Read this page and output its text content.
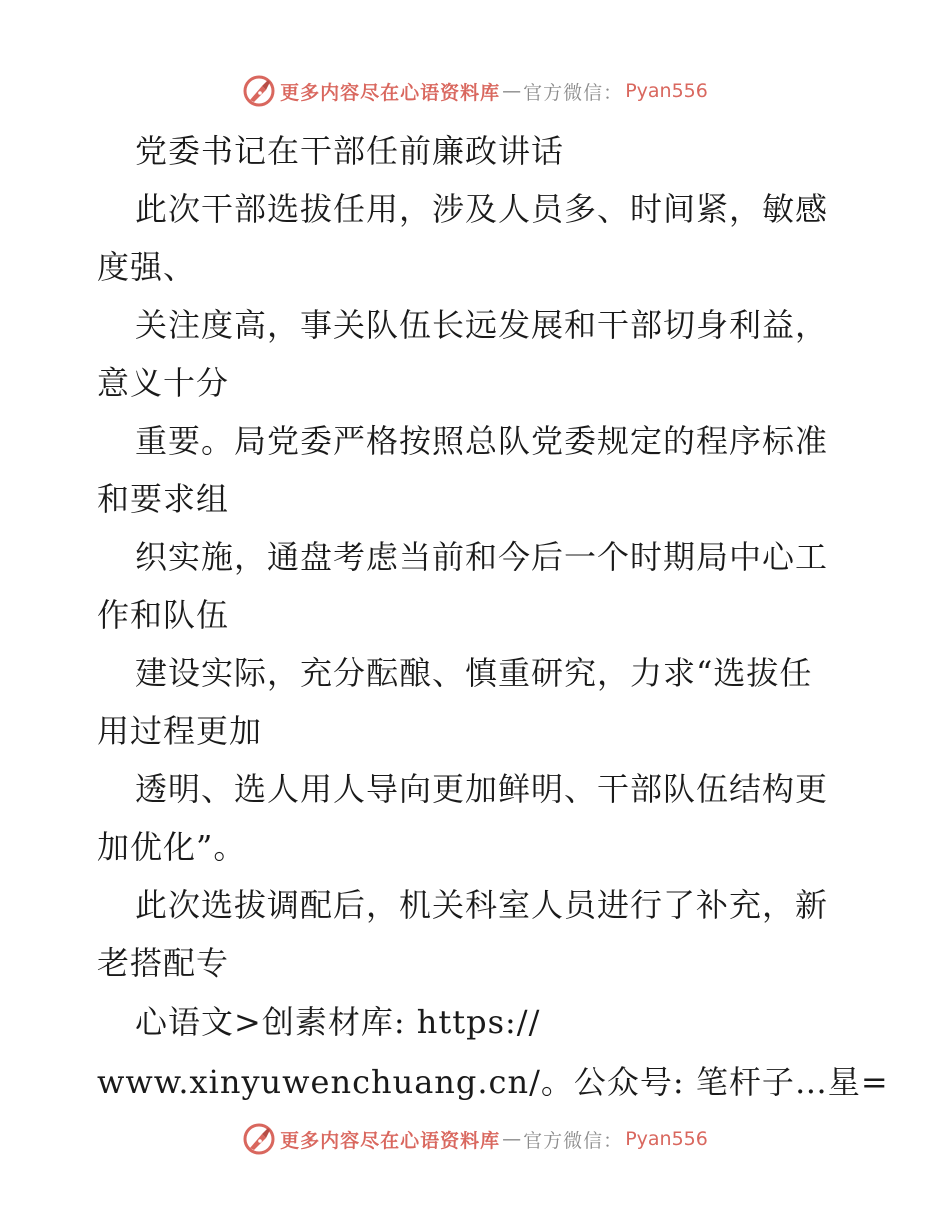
更多内容尽在心语资料库 — 官方微信： Pyan556
党委书记在干部任前廉政讲话
此次干部选拔任用，涉及人员多、时间紧，敏感
度强、
关注度高，事关队伍长远发展和干部切身利益，
意义十分
重要。局党委严格按照总队党委规定的程序标准
和要求组
织实施，通盘考虑当前和今后一个时期局中心工
作和队伍
建设实际，充分酝酿、慎重研究，力求“选拔任
用过程更加
透明、选人用人导向更加鲜明、干部队伍结构更
加优化”。
此次选拔调配后，机关科室人员进行了补充，新
老搭配专
心语文>创素材库: https://
www.xinyuwenchuang.cn/。公众号: 笔杆子…星=
更多内容尽在心语资料库 — 官方微信： Pyan556
